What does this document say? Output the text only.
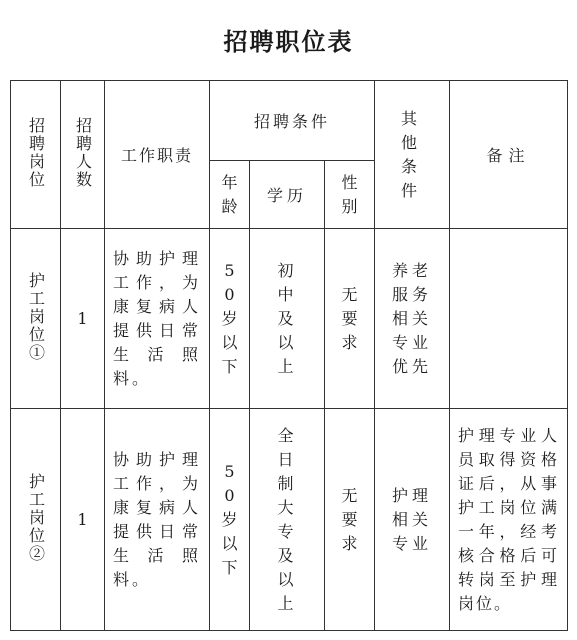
招聘职位表
招聘岗位	招聘人数	工作职责	招聘条件			其他条件	备注
			年龄	学历	性别		
护工岗位①	1	协助护理工作，为康复病人提供日常生活照料。	50岁以下	初中及以上	无要求	养老服务相关专业优先	

护工岗位②	1	协助护理工作，为康复病人提供日常生活照料。	50岁以下	全日制大专及以上	无要求	护理相关专业	护理专业人员取得资格证后，从事护工岗位满一年，经考核合格后可转岗至护理岗位。
